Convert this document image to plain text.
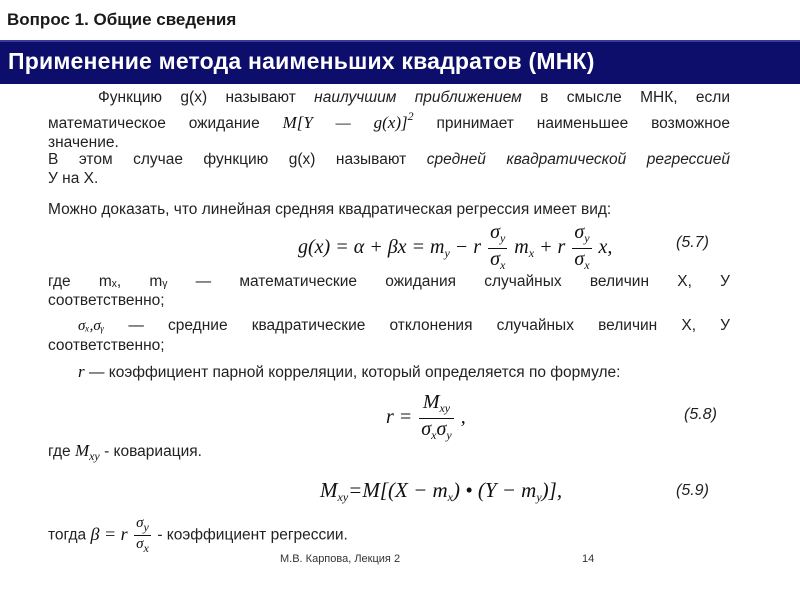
Вопрос 1. Общие сведения
Применение метода наименьших квадратов (МНК)
Функцию g(x) называют наилучшим приближением в смысле МНК, если
математическое ожидание M[Y — g(x)]$^2$ принимает наименьшее возможное
значение.
В этом случае функцию g(x) называют средней квадратической регрессией
У на Х.
Можно доказать, что линейная средняя квадратическая регрессия имеет вид:
$g(x) = \alpha + \beta x = m_y - r \frac{\sigma_y}{\sigma_x} m_x + r \frac{\sigma_y}{\sigma_x} x$,	(5.7)
где mₓ, mᵧ — математические ожидания случайных величин Х, У
соответственно;
σₓ,σᵧ — средние квадратические отклонения случайных величин Х, У
соответственно;
r — коэффициент парной корреляции, который определяется по формуле:
$r = \frac{M_{xy}}{\sigma_x\sigma_y}$ ,	(5.8)
где $M_{xy}$ - ковариация.
$M_{xy}=M[(X - m_x)$ • $(Y - m_y)$],	(5.9)
тогда β = r $\frac{\sigma_y}{\sigma_x}$ - коэффициент регрессии.
М.В. Карпова, Лекция 2	14
